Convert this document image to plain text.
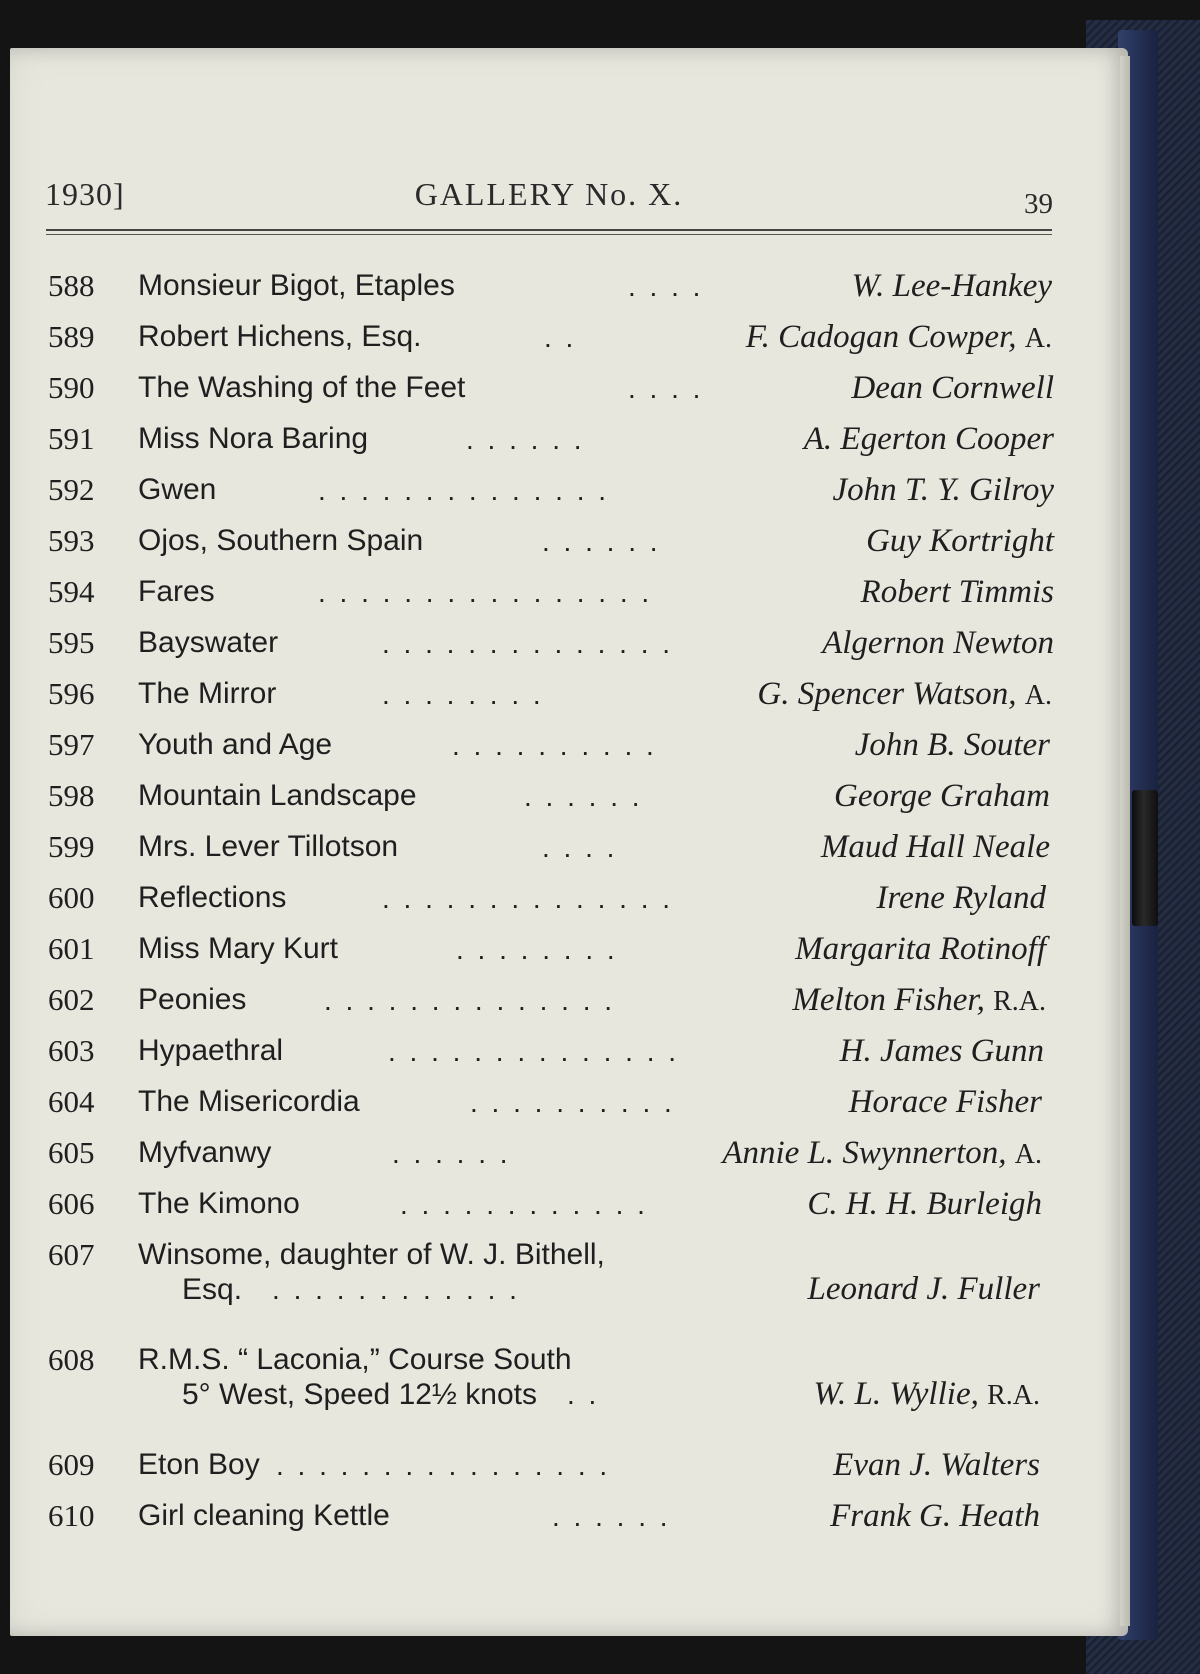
1930]	GALLERY No. X.	39
588	Monsieur Bigot, Etaples	. . . .	W. Lee-Hankey
589	Robert Hichens, Esq.	. .	F. Cadogan Cowper, A.
590	The Washing of the Feet	. . . .	Dean Cornwell
591	Miss Nora Baring	. . . . . .	A. Egerton Cooper
592	Gwen	. . . . . . . . . . . . . .	John T. Y. Gilroy
593	Ojos, Southern Spain	. . . . . .	Guy Kortright
594	Fares	. . . . . . . . . . . . . . . .	Robert Timmis
595	Bayswater	. . . . . . . . . . . . . .	Algernon Newton
596	The Mirror	. . . . . . . .	G. Spencer Watson, A.
597	Youth and Age	. . . . . . . . . .	John B. Souter
598	Mountain Landscape	. . . . . .	George Graham
599	Mrs. Lever Tillotson	. . . .	Maud Hall Neale
600	Reflections	. . . . . . . . . . . . . .	Irene Ryland
601	Miss Mary Kurt	. . . . . . . .	Margarita Rotinoff
602	Peonies	. . . . . . . . . . . . . .	Melton Fisher, R.A.
603	Hypaethral	. . . . . . . . . . . . . .	H. James Gunn
604	The Misericordia	. . . . . . . . . .	Horace Fisher
605	Myfvanwy	. . . . . .	Annie L. Swynnerton, A.
606	The Kimono	. . . . . . . . . . . .	C. H. H. Burleigh
607	Winsome, daughter of W. J. Bithell,
Esq. . . . . . . . . . . . .	Leonard J. Fuller
608	R.M.S. “ Laconia,” Course South
5° West, Speed 12½ knots . .	W. L. Wyllie, R.A.
609	Eton Boy . . . . . . . . . . . . . . . .	Evan J. Walters
610	Girl cleaning Kettle	. . . . . .	Frank G. Heath
